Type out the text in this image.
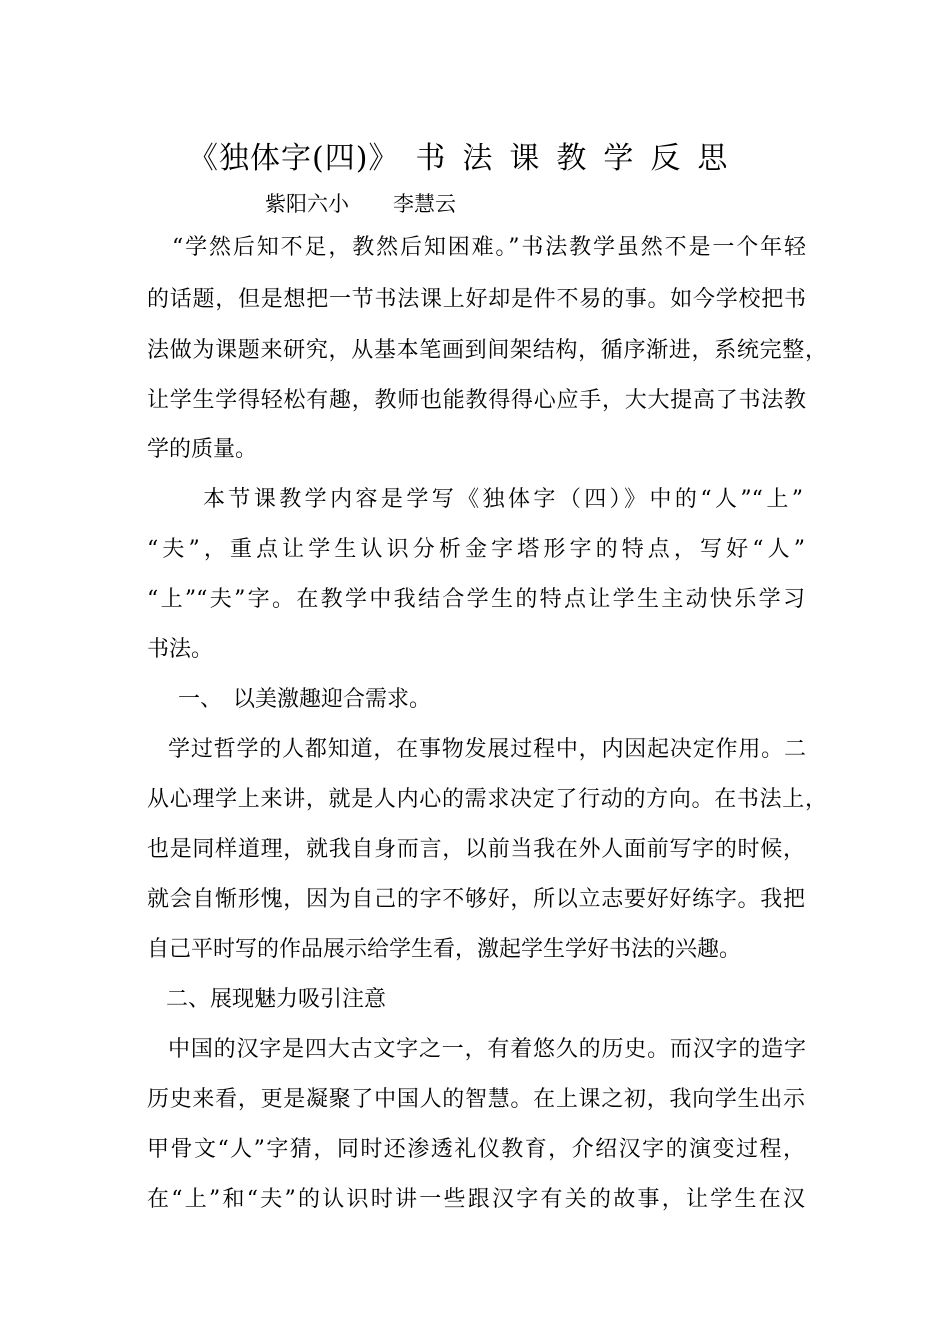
《独体字(四)》 书法课教学反思
紫阳六小 李慧云
“学然后知不足，教然后知困难。”书法教学虽然不是一个年轻
的话题，但是想把一节书法课上好却是件不易的事。如今学校把书
法做为课题来研究，从基本笔画到间架结构，循序渐进，系统完整，
让学生学得轻松有趣，教师也能教得得心应手，大大提高了书法教
学的质量。
本节课教学内容是学写《独体字（四）》中的“人”“上”
“夫”，重点让学生认识分析金字塔形字的特点，写好“人”
“上”“夫”字。在教学中我结合学生的特点让学生主动快乐学习
书法。
一、　以美激趣迎合需求。
学过哲学的人都知道，在事物发展过程中，内因起决定作用。二
从心理学上来讲，就是人内心的需求决定了行动的方向。在书法上，
也是同样道理，就我自身而言，以前当我在外人面前写字的时候，
就会自惭形愧，因为自己的字不够好，所以立志要好好练字。我把
自己平时写的作品展示给学生看，激起学生学好书法的兴趣。
二、展现魅力吸引注意
中国的汉字是四大古文字之一，有着悠久的历史。而汉字的造字
历史来看，更是凝聚了中国人的智慧。在上课之初，我向学生出示
甲骨文“人”字猜，同时还渗透礼仪教育，介绍汉字的演变过程，
在“上”和“夫”的认识时讲一些跟汉字有关的故事，让学生在汉
